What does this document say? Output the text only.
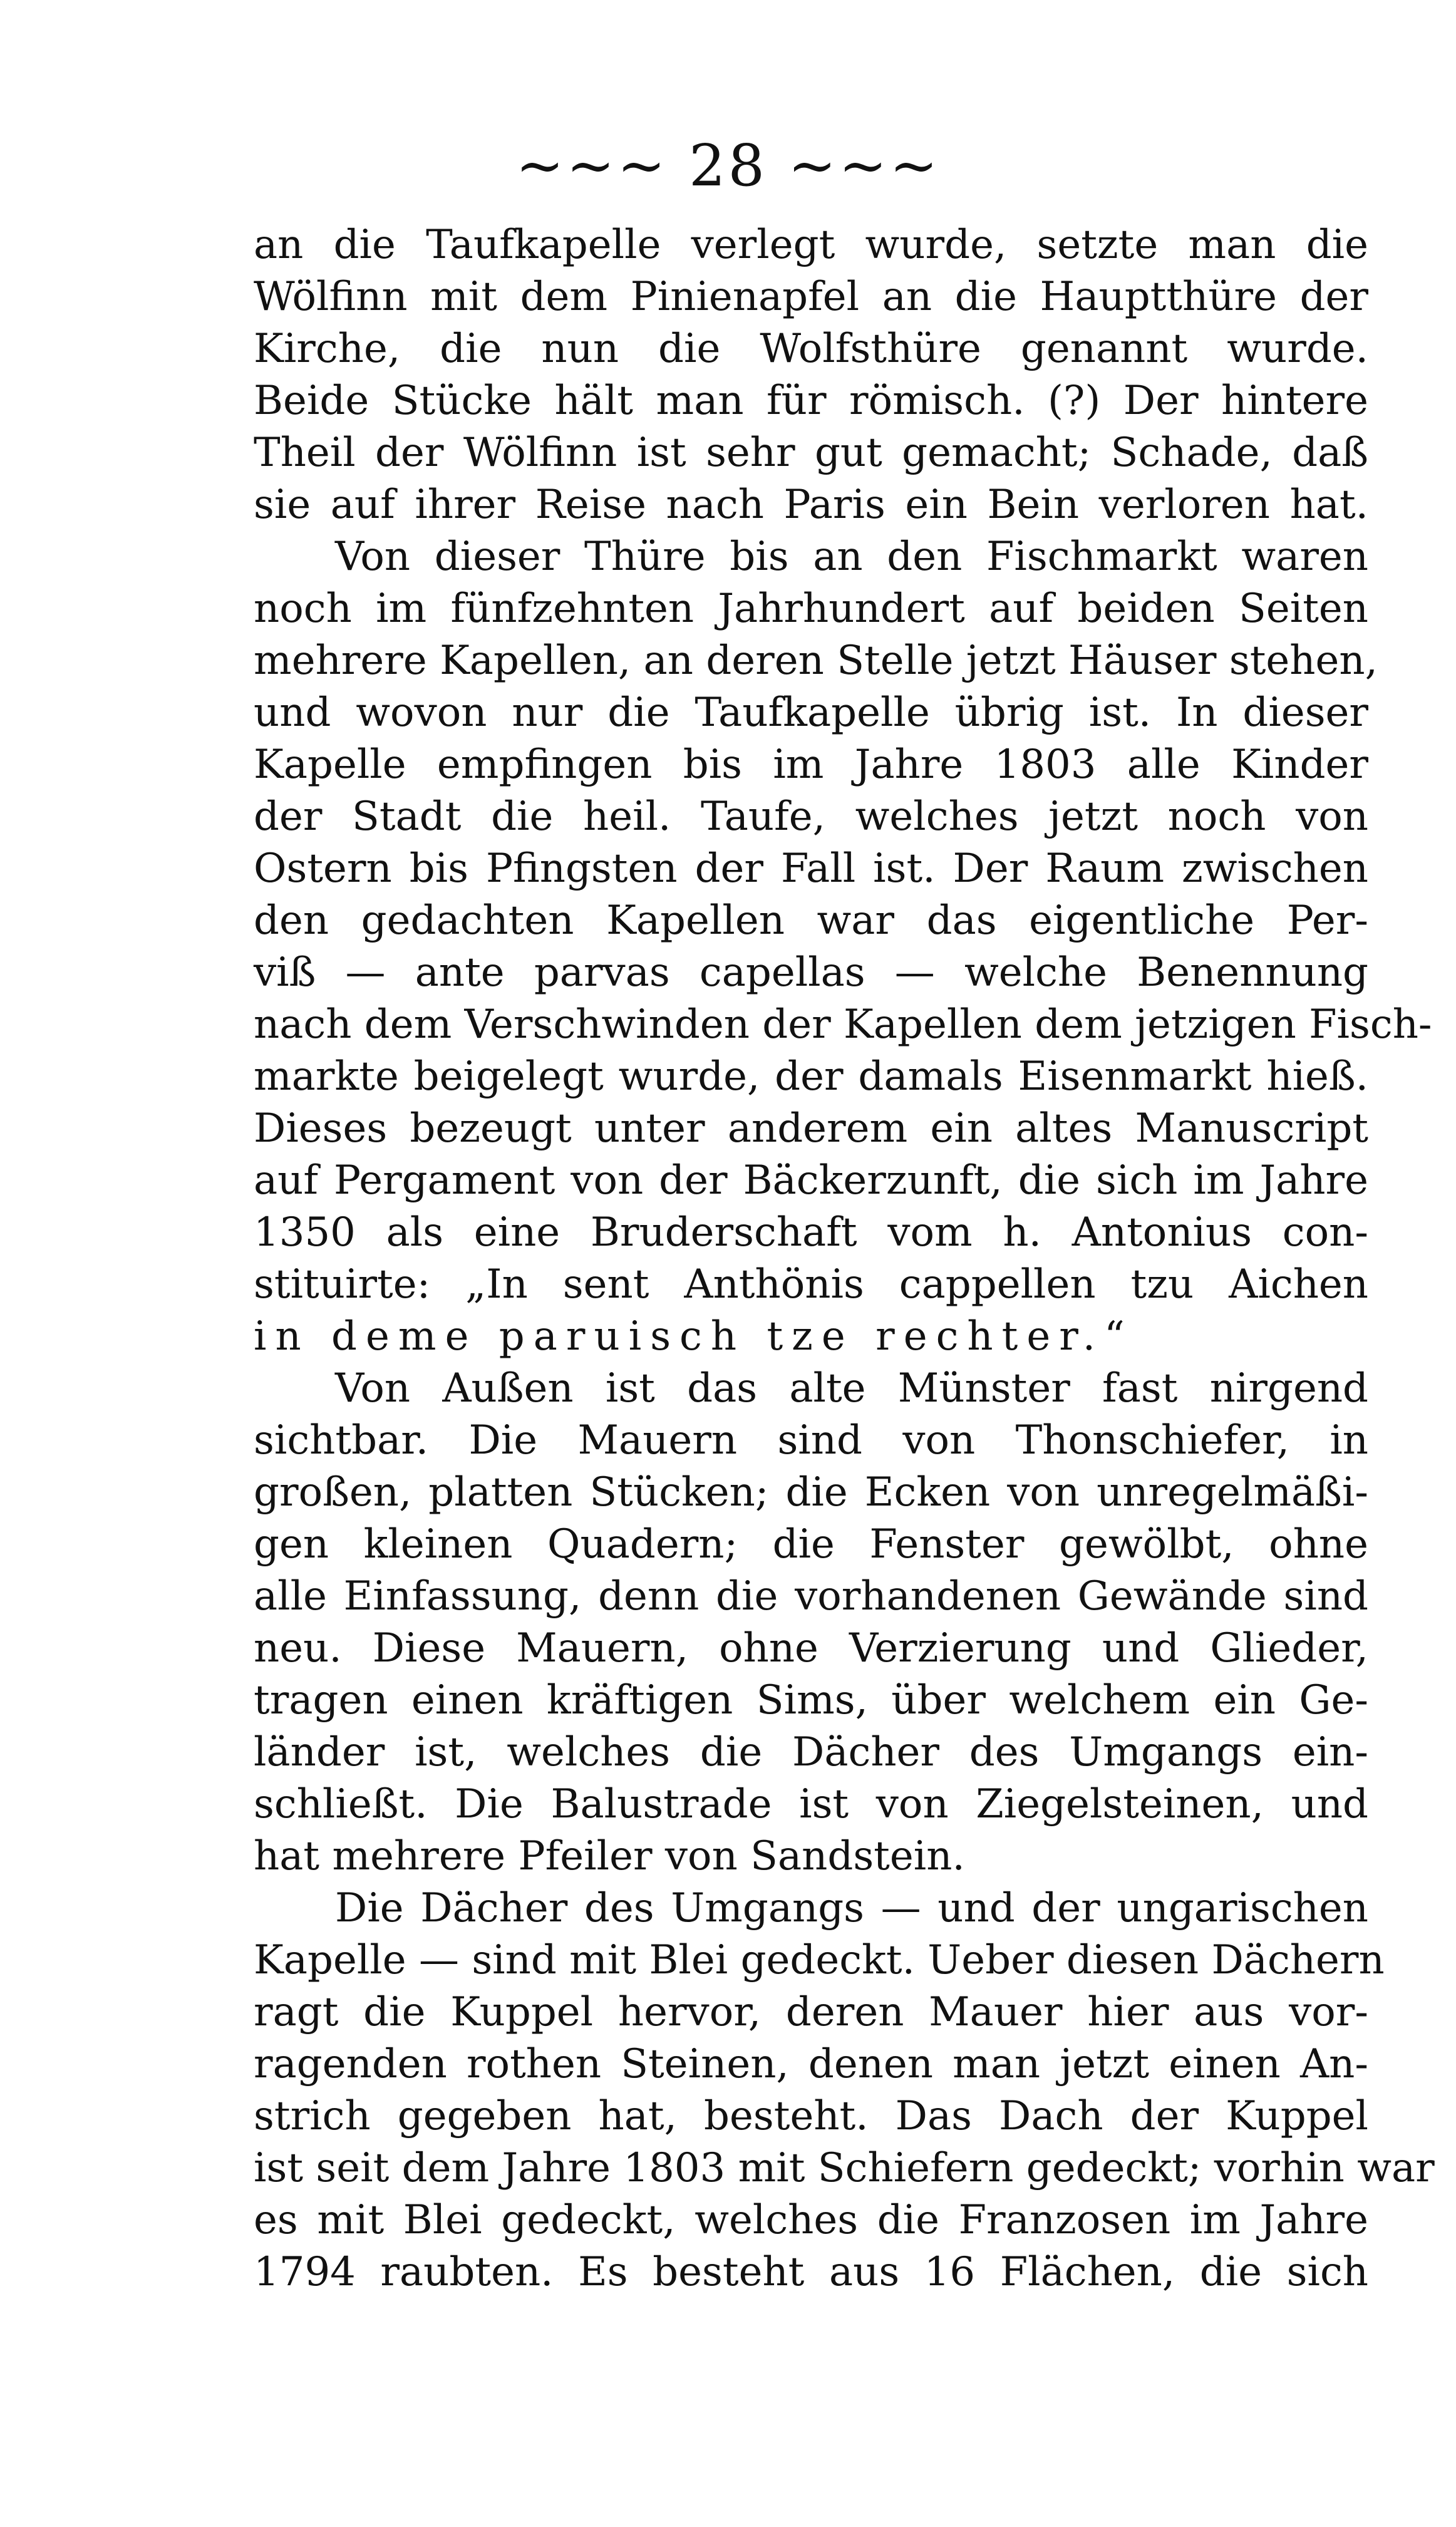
~~~ 28 ~~~
an die Taufkapelle verlegt wurde, setzte man die
Wölfinn mit dem Pinienapfel an die Hauptthüre der
Kirche, die nun die Wolfsthüre genannt wurde.
Beide Stücke hält man für römisch. (?) Der hintere
Theil der Wölfinn ist sehr gut gemacht; Schade, daß
sie auf ihrer Reise nach Paris ein Bein verloren hat.
Von dieser Thüre bis an den Fischmarkt waren
noch im fünfzehnten Jahrhundert auf beiden Seiten
mehrere Kapellen, an deren Stelle jetzt Häuser stehen,
und wovon nur die Taufkapelle übrig ist. In dieser
Kapelle empfingen bis im Jahre 1803 alle Kinder
der Stadt die heil. Taufe, welches jetzt noch von
Ostern bis Pfingsten der Fall ist. Der Raum zwischen
den gedachten Kapellen war das eigentliche Per-
viß — ante parvas capellas — welche Benennung
nach dem Verschwinden der Kapellen dem jetzigen Fisch-
markte beigelegt wurde, der damals Eisenmarkt hieß.
Dieses bezeugt unter anderem ein altes Manuscript
auf Pergament von der Bäckerzunft, die sich im Jahre
1350 als eine Bruderschaft vom h. Antonius con-
stituirte: „In sent Anthönis cappellen tzu Aichen
in deme paruisch tze rechter.“
Von Außen ist das alte Münster fast nirgend
sichtbar. Die Mauern sind von Thonschiefer, in
großen, platten Stücken; die Ecken von unregelmäßi-
gen kleinen Quadern; die Fenster gewölbt, ohne
alle Einfassung, denn die vorhandenen Gewände sind
neu. Diese Mauern, ohne Verzierung und Glieder,
tragen einen kräftigen Sims, über welchem ein Ge-
länder ist, welches die Dächer des Umgangs ein-
schließt. Die Balustrade ist von Ziegelsteinen, und
hat mehrere Pfeiler von Sandstein.
Die Dächer des Umgangs — und der ungarischen
Kapelle — sind mit Blei gedeckt. Ueber diesen Dächern
ragt die Kuppel hervor, deren Mauer hier aus vor-
ragenden rothen Steinen, denen man jetzt einen An-
strich gegeben hat, besteht. Das Dach der Kuppel
ist seit dem Jahre 1803 mit Schiefern gedeckt; vorhin war
es mit Blei gedeckt, welches die Franzosen im Jahre
1794 raubten. Es besteht aus 16 Flächen, die sich
